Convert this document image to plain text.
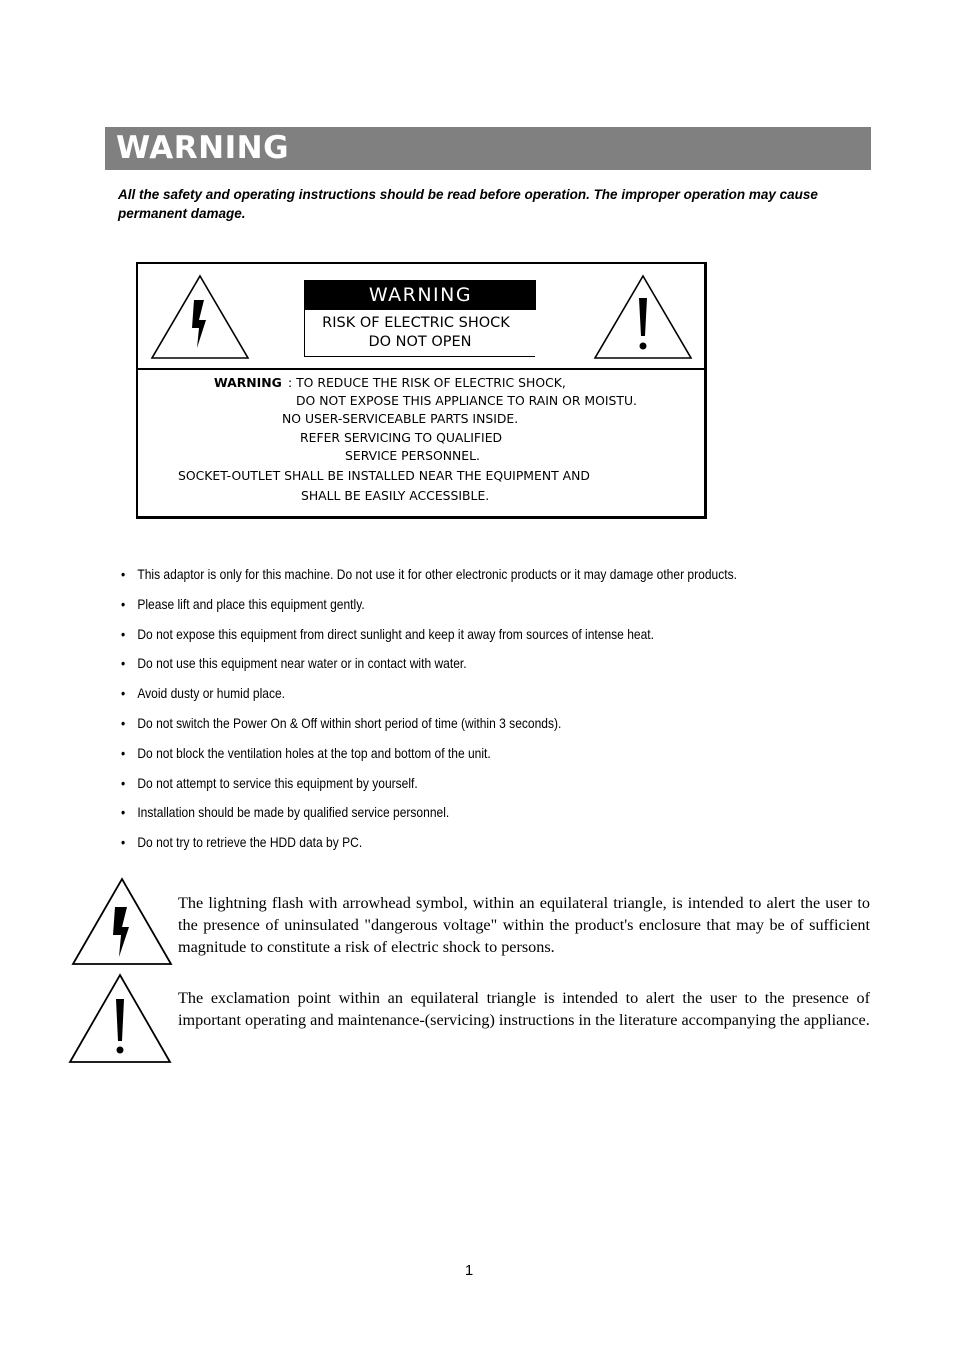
WARNING
All the safety and operating instructions should be read before operation. The improper operation may cause permanent damage.
WARNING
RISK OF ELECTRIC SHOCK
DO NOT OPEN
WARNING : TO REDUCE THE RISK OF ELECTRIC SHOCK,
DO NOT EXPOSE THIS APPLIANCE TO RAIN OR MOISTU.
NO USER-SERVICEABLE PARTS INSIDE.
REFER SERVICING TO QUALIFIED
SERVICE PERSONNEL.
SOCKET-OUTLET SHALL BE INSTALLED NEAR THE EQUIPMENT AND
SHALL BE EASILY ACCESSIBLE.
• This adaptor is only for this machine. Do not use it for other electronic products or it may damage other products.
• Please lift and place this equipment gently.
• Do not expose this equipment from direct sunlight and keep it away from sources of intense heat.
• Do not use this equipment near water or in contact with water.
• Avoid dusty or humid place.
• Do not switch the Power On & Off within short period of time (within 3 seconds).
• Do not block the ventilation holes at the top and bottom of the unit.
• Do not attempt to service this equipment by yourself.
• Installation should be made by qualified service personnel.
• Do not try to retrieve the HDD data by PC.
The lightning flash with arrowhead symbol, within an equilateral triangle, is intended to alert the user to the presence of uninsulated "dangerous voltage" within the product's enclosure that may be of sufficient magnitude to constitute a risk of electric shock to persons.
The exclamation point within an equilateral triangle is intended to alert the user to the presence of important operating and maintenance-(servicing) instructions in the literature accompanying the appliance.
1
